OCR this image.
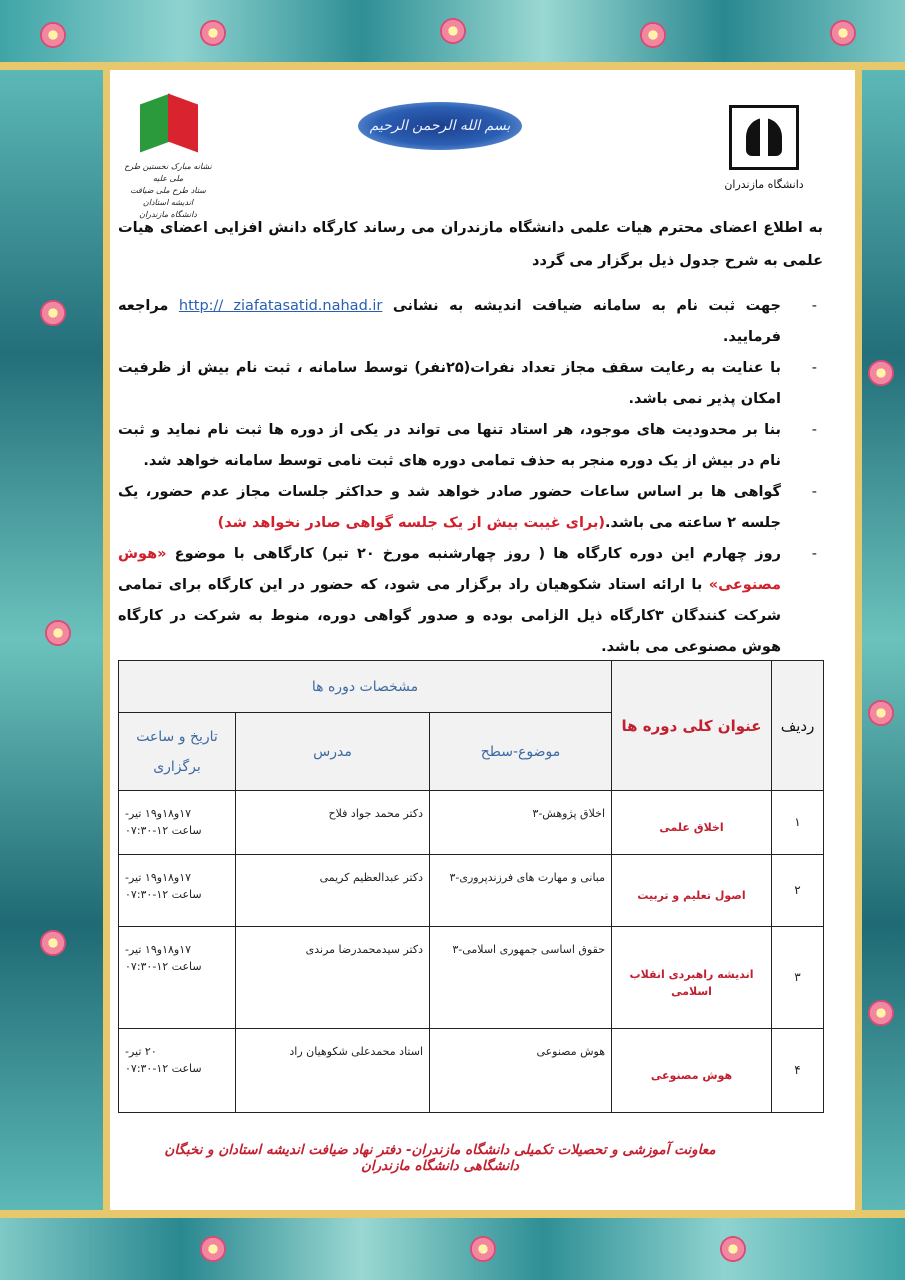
دانشگاه مازندران
بسم الله الرحمن الرحیم
نشانه مبارک نخستین طرح ملی علیه
ستاد طرح ملی ضیافت اندیشه استادان
دانشگاه مازندران

به اطلاع اعضای محترم هیات علمی دانشگاه مازندران می رساند کارگاه دانش افزایی اعضای هیات علمی به شرح جدول ذیل برگزار می گردد

- جهت ثبت نام به سامانه ضیافت اندیشه به نشانی http:// ziafatasatid.nahad.ir مراجعه فرمایید.
- با عنایت به رعایت سقف مجاز تعداد نفرات(۲۵نفر) توسط سامانه ، ثبت نام بیش از ظرفیت امکان پذیر نمی باشد.
- بنا بر محدودیت های موجود، هر استاد تنها می تواند در یکی از دوره ها ثبت نام نماید و ثبت نام در بیش از یک دوره منجر به حذف تمامی دوره های ثبت نامی توسط سامانه خواهد شد.
- گواهی ها بر اساس ساعات حضور صادر خواهد شد و حداکثر جلسات مجاز عدم حضور، یک جلسه ۲ ساعته می باشد.(برای غیبت بیش از یک جلسه گواهی صادر نخواهد شد)
- روز چهارم این دوره کارگاه ها ( روز چهارشنبه مورخ ۲۰ تیر) کارگاهی با موضوع «هوش مصنوعی» با ارائه استاد شکوهیان راد برگزار می شود، که حضور در این کارگاه برای تمامی شرکت کنندگان ۳کارگاه ذیل الزامی بوده و صدور گواهی دوره، منوط به شرکت در کارگاه هوش مصنوعی می باشد.
ردیف	عنوان کلی دوره ها	مشخصات دوره ها		
		موضوع-سطح	مدرس	تاریخ و ساعت برگزاری
۱	اخلاق علمی	اخلاق پژوهش-۳	دکتر محمد جواد فلاح	۱۷و۱۸و۱۹ تیر-
ساعت ۱۲-۰۷:۳۰

۲	اصول تعلیم و تربیت	مبانی و مهارت های فرزندپروری-۳	دکتر عبدالعظیم کریمی	۱۷و۱۸و۱۹ تیر-
ساعت ۱۲-۰۷:۳۰

۳	اندیشه راهبردی انقلاب اسلامی	حقوق اساسی جمهوری اسلامی-۳	دکتر سیدمحمدرضا مرندی	۱۷و۱۸و۱۹ تیر-
ساعت ۱۲-۰۷:۳۰

۴	هوش مصنوعی	هوش مصنوعی	استاد محمدعلی شکوهیان راد	۲۰ تیر-
ساعت ۱۲-۰۷:۳۰
معاونت آموزشی و تحصیلات تکمیلی دانشگاه مازندران- دفتر نهاد ضیافت اندیشه استادان و نخبگان دانشگاهی دانشگاه مازندران
